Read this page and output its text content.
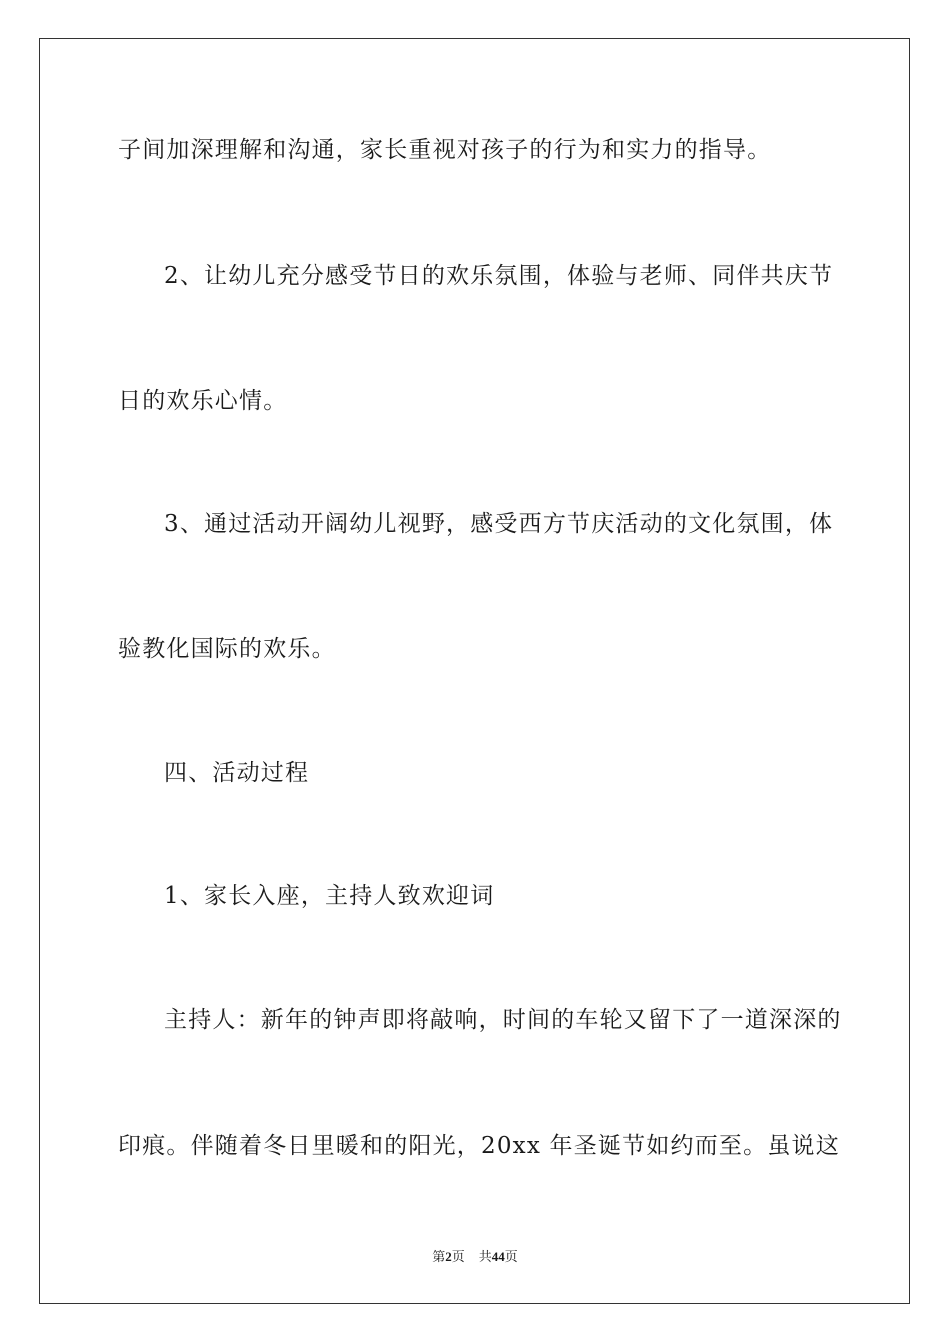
子间加深理解和沟通，家长重视对孩子的行为和实力的指导。
2、让幼儿充分感受节日的欢乐氛围，体验与老师、同伴共庆节
日的欢乐心情。
3、通过活动开阔幼儿视野，感受西方节庆活动的文化氛围，体
验教化国际的欢乐。
四、活动过程
1、家长入座，主持人致欢迎词
主持人：新年的钟声即将敲响，时间的车轮又留下了一道深深的
印痕。伴随着冬日里暖和的阳光，20xx 年圣诞节如约而至。虽说这
第2页 共44页
